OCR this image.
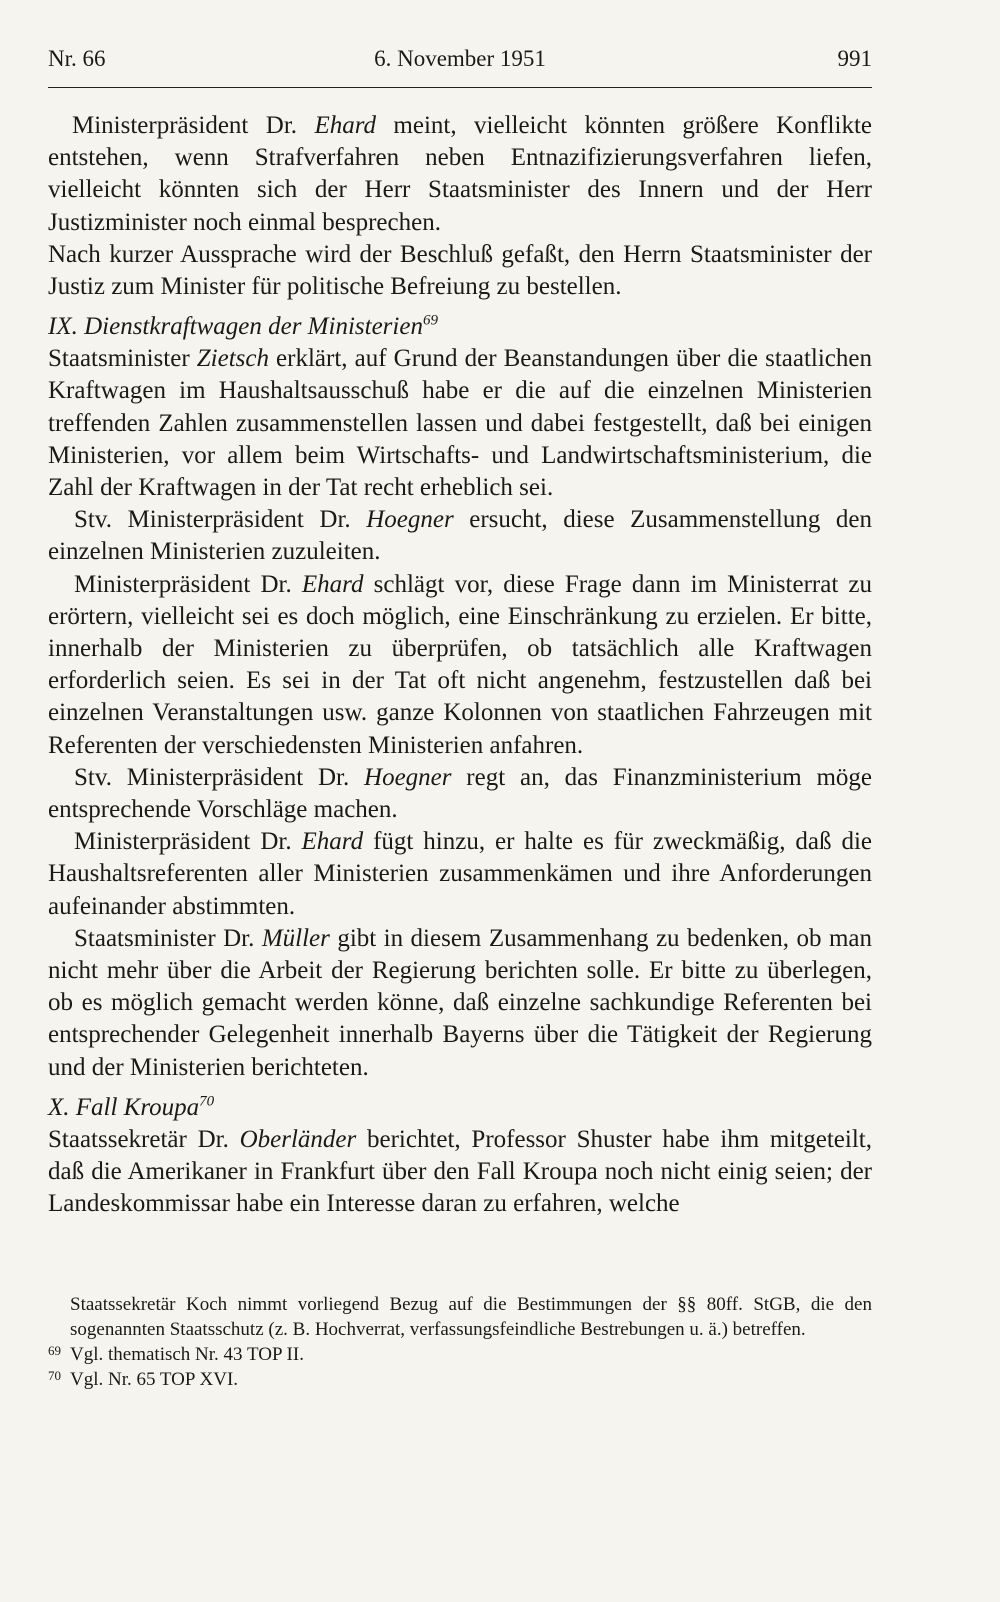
Nr. 66	6. November 1951	991

Ministerpräsident Dr. Ehard meint, vielleicht könnten größere Konflikte entstehen, wenn Strafverfahren neben Entnazifizierungsverfahren liefen, vielleicht könnten sich der Herr Staatsminister des Innern und der Herr Justizminister noch einmal besprechen.

Nach kurzer Aussprache wird der Beschluß gefaßt, den Herrn Staatsminister der Justiz zum Minister für politische Befreiung zu bestellen.

IX. Dienstkraftwagen der Ministerien$^{69}$

Staatsminister Zietsch erklärt, auf Grund der Beanstandungen über die staatlichen Kraftwagen im Haushaltsausschuß habe er die auf die einzelnen Ministerien treffenden Zahlen zusammenstellen lassen und dabei festgestellt, daß bei einigen Ministerien, vor allem beim Wirtschafts- und Landwirtschaftsministerium, die Zahl der Kraftwagen in der Tat recht erheblich sei.

Stv. Ministerpräsident Dr. Hoegner ersucht, diese Zusammenstellung den einzelnen Ministerien zuzuleiten.

Ministerpräsident Dr. Ehard schlägt vor, diese Frage dann im Ministerrat zu erörtern, vielleicht sei es doch möglich, eine Einschränkung zu erzielen. Er bitte, innerhalb der Ministerien zu überprüfen, ob tatsächlich alle Kraftwagen erforderlich seien. Es sei in der Tat oft nicht angenehm, festzustellen daß bei einzelnen Veranstaltungen usw. ganze Kolonnen von staatlichen Fahrzeugen mit Referenten der verschiedensten Ministerien anfahren.

Stv. Ministerpräsident Dr. Hoegner regt an, das Finanzministerium möge entsprechende Vorschläge machen.

Ministerpräsident Dr. Ehard fügt hinzu, er halte es für zweckmäßig, daß die Haushaltsreferenten aller Ministerien zusammenkämen und ihre Anforderungen aufeinander abstimmten.

Staatsminister Dr. Müller gibt in diesem Zusammenhang zu bedenken, ob man nicht mehr über die Arbeit der Regierung berichten solle. Er bitte zu überlegen, ob es möglich gemacht werden könne, daß einzelne sachkundige Referenten bei entsprechender Gelegenheit innerhalb Bayerns über die Tätigkeit der Regierung und der Ministerien berichteten.

X. Fall Kroupa$^{70}$

Staatssekretär Dr. Oberländer berichtet, Professor Shuster habe ihm mitgeteilt, daß die Amerikaner in Frankfurt über den Fall Kroupa noch nicht einig seien; der Landeskommissar habe ein Interesse daran zu erfahren, welche

Staatssekretär Koch nimmt vorliegend Bezug auf die Bestimmungen der §§ 80ff. StGB, die den sogenannten Staatsschutz (z. B. Hochverrat, verfassungsfeindliche Bestrebungen u. ä.) betreffen.

69 Vgl. thematisch Nr. 43 TOP II.
70 Vgl. Nr. 65 TOP XVI.
